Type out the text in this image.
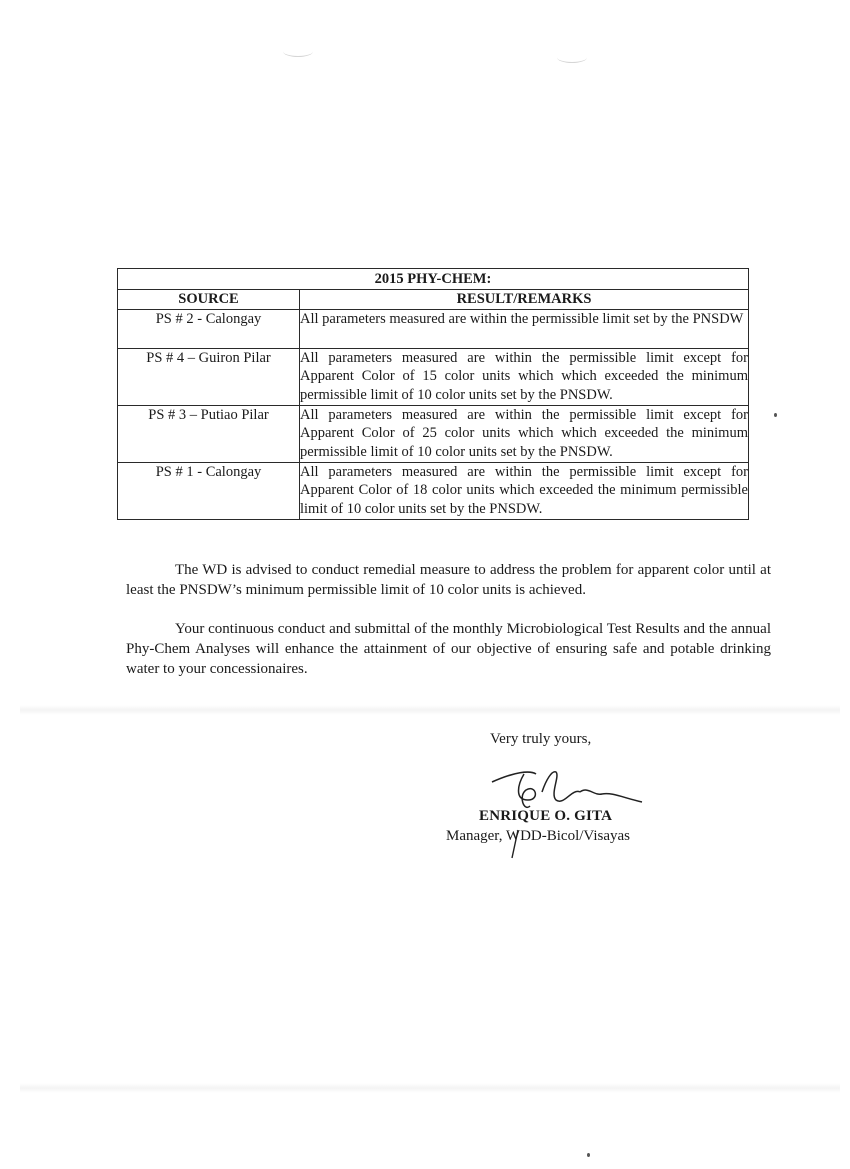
2015 PHY-CHEM:	
SOURCE	RESULT/REMARKS
PS # 2 - Calongay	All parameters measured are within the permissible limit set by the PNSDW
PS # 4 – Guiron Pilar	All parameters measured are within the permissible limit except for Apparent Color of 15 color units which which exceeded the minimum permissible limit of 10 color units set by the PNSDW.
PS # 3 – Putiao Pilar	All parameters measured are within the permissible limit except for Apparent Color of 25 color units which which exceeded the minimum permissible limit of 10 color units set by the PNSDW.
PS # 1 - Calongay	All parameters measured are within the permissible limit except for Apparent Color of 18 color units which exceeded the minimum permissible limit of 10 color units set by the PNSDW.

The WD is advised to conduct remedial measure to address the problem for apparent color until at least the PNSDW’s minimum permissible limit of 10 color units is achieved.

Your continuous conduct and submittal of the monthly Microbiological Test Results and the annual Phy-Chem Analyses will enhance the attainment of our objective of ensuring safe and potable drinking water to your concessionaires.

Very truly yours,
ENRIQUE O. GITA
Manager, WDD-Bicol/Visayas
